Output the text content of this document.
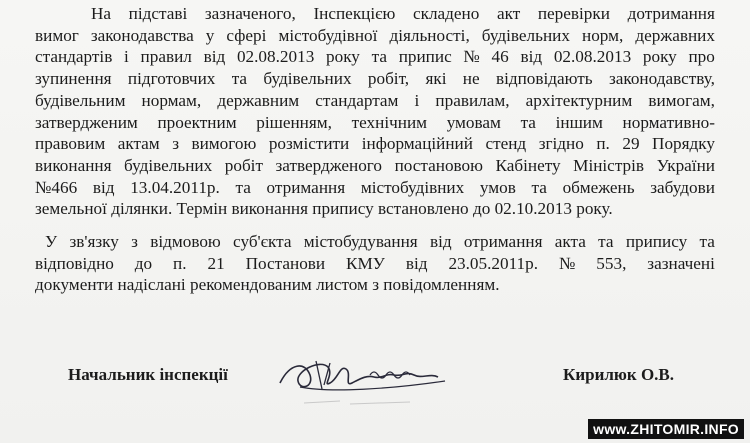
На підставі зазначеного, Інспекцією складено акт перевірки дотримання
вимог законодавства у сфері містобудівної діяльності, будівельних норм, державних
стандартів і правил від 02.08.2013 року та припис № 46 від 02.08.2013 року про
зупинення підготовчих та будівельних робіт, які не відповідають законодавству,
будівельним нормам, державним стандартам і правилам, архітектурним вимогам,
затвердженим проектним рішенням, технічним умовам та іншим нормативно-
правовим актам з вимогою розмістити інформаційний стенд згідно п. 29 Порядку
виконання будівельних робіт затвердженого постановою Кабінету Міністрів України
№466 від 13.04.2011р. та отримання містобудівних умов та обмежень забудови
земельної ділянки. Термін виконання припису встановлено до 02.10.2013 року.
У зв'язку з відмовою суб'єкта містобудування від отримання акта та припису та
відповідно до п. 21 Постанови КМУ від 23.05.2011р. № 553, зазначені
документи надіслані рекомендованим листом з повідомленням.
Начальник інспекції	Кирилюк О.В.
www.ZHITOMIR.INFO
